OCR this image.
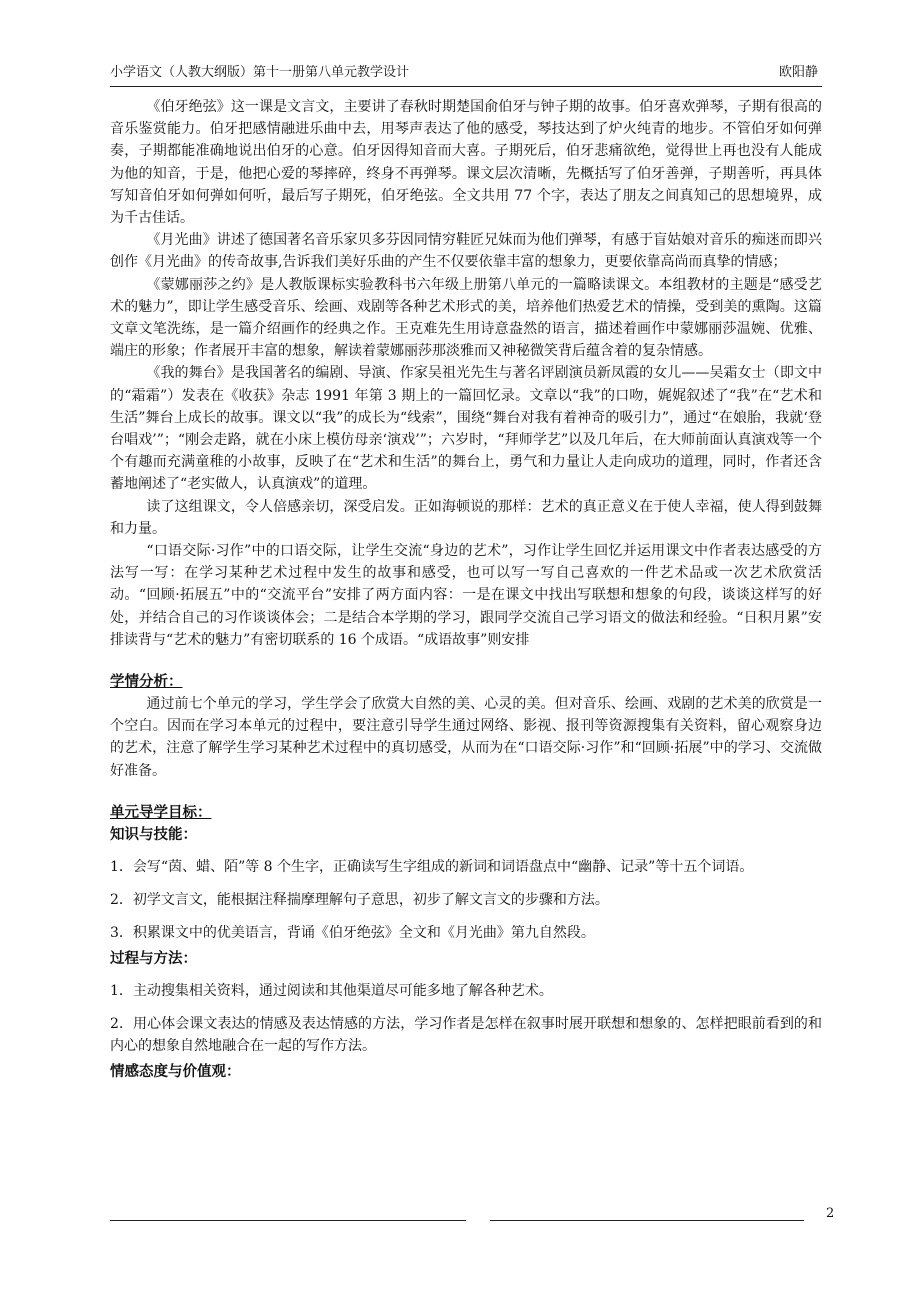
小学语文（人教大纲版）第十一册第八单元教学设计	欧阳静

《伯牙绝弦》这一课是文言文，主要讲了春秋时期楚国俞伯牙与钟子期的故事。伯牙喜欢弹琴，子期有很高的音乐鉴赏能力。伯牙把感情融进乐曲中去，用琴声表达了他的感受，琴技达到了炉火纯青的地步。不管伯牙如何弹奏，子期都能准确地说出伯牙的心意。伯牙因得知音而大喜。子期死后，伯牙悲痛欲绝，觉得世上再也没有人能成为他的知音，于是，他把心爱的琴摔碎，终身不再弹琴。课文层次清晰，先概括写了伯牙善弹，子期善听，再具体写知音伯牙如何弹如何听，最后写子期死，伯牙绝弦。全文共用 77 个字，表达了朋友之间真知己的思想境界，成为千古佳话。

《月光曲》讲述了德国著名音乐家贝多芬因同情穷鞋匠兄妹而为他们弹琴，有感于盲姑娘对音乐的痴迷而即兴创作《月光曲》的传奇故事,告诉我们美好乐曲的产生不仅要依靠丰富的想象力，更要依靠高尚而真挚的情感；

《蒙娜丽莎之约》是人教版课标实验教科书六年级上册第八单元的一篇略读课文。本组教材的主题是“感受艺术的魅力”，即让学生感受音乐、绘画、戏剧等各种艺术形式的美，培养他们热爱艺术的情操，受到美的熏陶。这篇文章文笔洗练，是一篇介绍画作的经典之作。王克难先生用诗意盎然的语言，描述着画作中蒙娜丽莎温婉、优雅、端庄的形象；作者展开丰富的想象，解读着蒙娜丽莎那淡雅而又神秘微笑背后蕴含着的复杂情感。

《我的舞台》是我国著名的编剧、导演、作家吴祖光先生与著名评剧演员新凤霞的女儿——吴霜女士（即文中的“霜霜”）发表在《收获》杂志 1991 年第 3 期上的一篇回忆录。文章以“我”的口吻，娓娓叙述了“我”在“艺术和生活”舞台上成长的故事。课文以“我”的成长为“线索”，围绕“舞台对我有着神奇的吸引力”，通过“在娘胎，我就‘登台唱戏’”；“刚会走路，就在小床上模仿母亲‘演戏’”；六岁时，“拜师学艺”以及几年后，在大师前面认真演戏等一个个有趣而充满童稚的小故事，反映了在“艺术和生活”的舞台上，勇气和力量让人走向成功的道理，同时，作者还含蓄地阐述了“老实做人，认真演戏”的道理。

读了这组课文，令人倍感亲切，深受启发。正如海顿说的那样：艺术的真正意义在于使人幸福，使人得到鼓舞和力量。

“口语交际·习作”中的口语交际，让学生交流“身边的艺术”，习作让学生回忆并运用课文中作者表达感受的方法写一写：在学习某种艺术过程中发生的故事和感受，也可以写一写自己喜欢的一件艺术品或一次艺术欣赏活动。“回顾·拓展五”中的“交流平台”安排了两方面内容：一是在课文中找出写联想和想象的句段，谈谈这样写的好处，并结合自己的习作谈谈体会；二是结合本学期的学习，跟同学交流自己学习语文的做法和经验。“日积月累”安排读背与“艺术的魅力”有密切联系的 16 个成语。“成语故事”则安排

学情分析：

通过前七个单元的学习，学生学会了欣赏大自然的美、心灵的美。但对音乐、绘画、戏剧的艺术美的欣赏是一个空白。因而在学习本单元的过程中，要注意引导学生通过网络、影视、报刊等资源搜集有关资料，留心观察身边的艺术，注意了解学生学习某种艺术过程中的真切感受，从而为在“口语交际·习作”和“回顾·拓展”中的学习、交流做好准备。

单元导学目标：

知识与技能：

1．会写“茵、蜡、陌”等 8 个生字，正确读写生字组成的新词和词语盘点中“幽静、记录”等十五个词语。

2．初学文言文，能根据注释揣摩理解句子意思，初步了解文言文的步骤和方法。

3．积累课文中的优美语言，背诵《伯牙绝弦》全文和《月光曲》第九自然段。

过程与方法：

1．主动搜集相关资料，通过阅读和其他渠道尽可能多地了解各种艺术。

2．用心体会课文表达的情感及表达情感的方法，学习作者是怎样在叙事时展开联想和想象的、怎样把眼前看到的和内心的想象自然地融合在一起的写作方法。

情感态度与价值观：

2
